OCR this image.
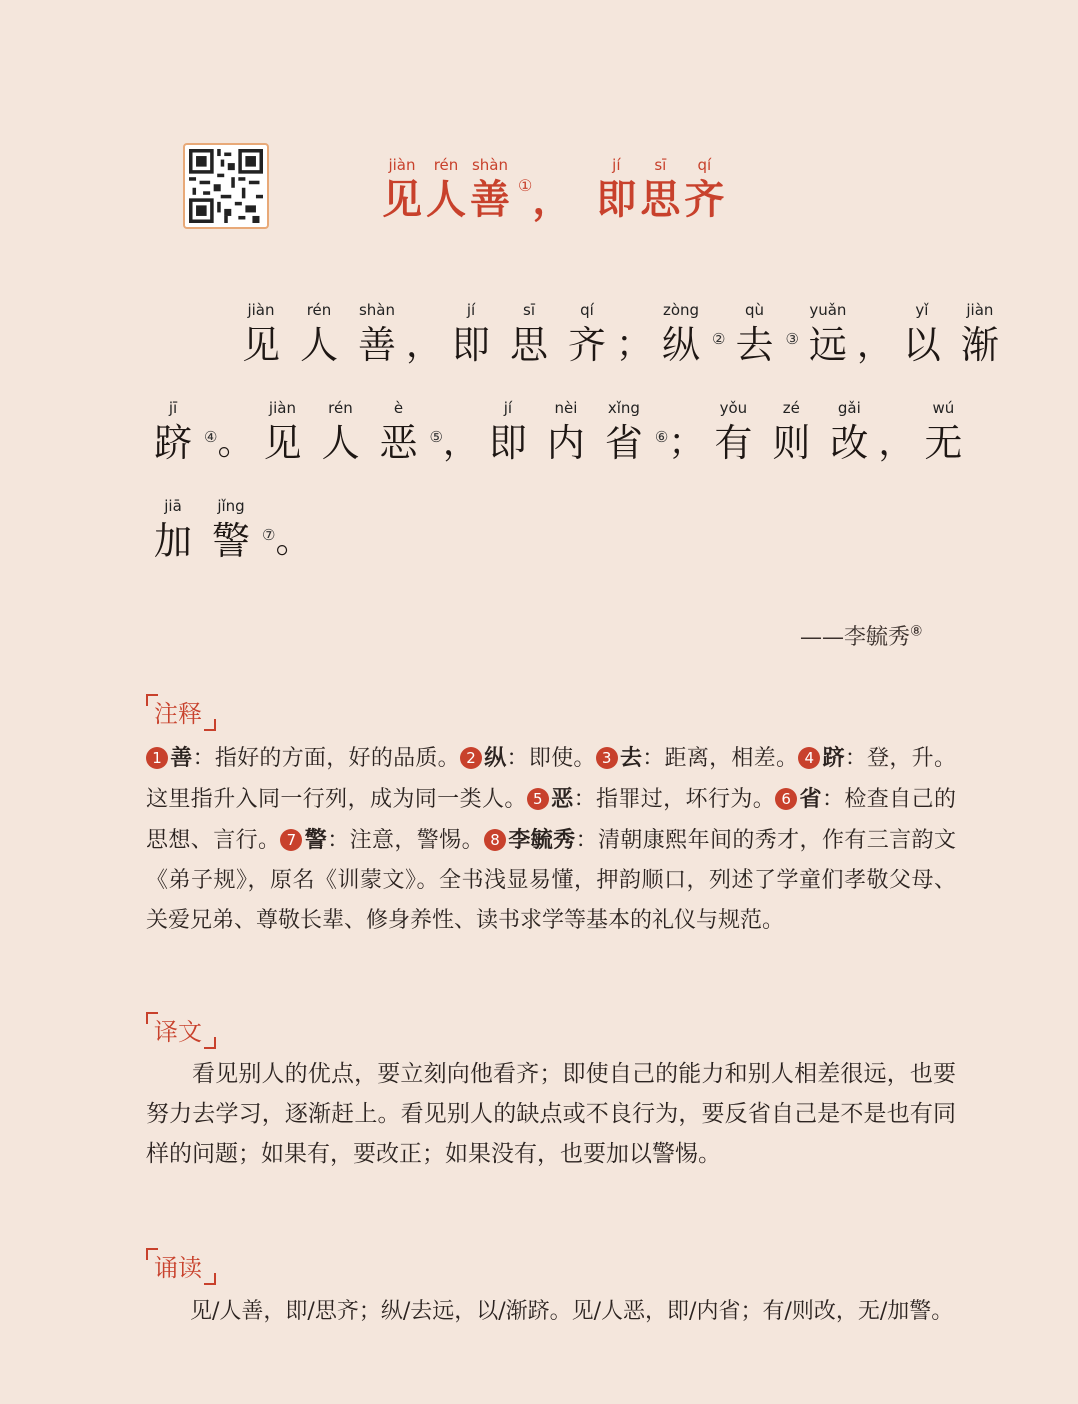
jiàn
见
rén
人
shàn
善 ① ，
jí
即
sī
思
qí
齐
jiàn
见
rén
人
shàn
善 ，
jí
即
sī
思
qí
齐 ；
zòng
纵 ②
qù
去 ③
yuǎn
远 ，
yǐ
以
jiàn
渐
jī
跻 ④ 。
jiàn
见
rén
人
è
恶 ⑤ ，
jí
即
nèi
内
xǐng
省 ⑥ ；
yǒu
有
zé
则
gǎi
改 ，
wú
无
jiā
加
jǐng
警 ⑦ 。
——李毓秀⑧
注释
1 善：指好的方面，好的品质。 2 纵：即使。 3 去：距离，相差。 4 跻：登，升。这里指升入同一行列，成为同一类人。 5 恶：指罪过，坏行为。 6 省：检查自己的思想、言行。 7 警：注意，警惕。 8 李毓秀：清朝康熙年间的秀才，作有三言韵文《弟子规》，原名《训蒙文》。全书浅显易懂，押韵顺口，列述了学童们孝敬父母、关爱兄弟、尊敬长辈、修身养性、读书求学等基本的礼仪与规范。
译文
看见别人的优点，要立刻向他看齐；即使自己的能力和别人相差很远，也要努力去学习，逐渐赶上。看见别人的缺点或不良行为，要反省自己是不是也有同样的问题；如果有，要改正；如果没有，也要加以警惕。
诵读
见/人善，即/思齐；纵/去远，以/渐跻。见/人恶，即/内省；有/则改，无/加警。
